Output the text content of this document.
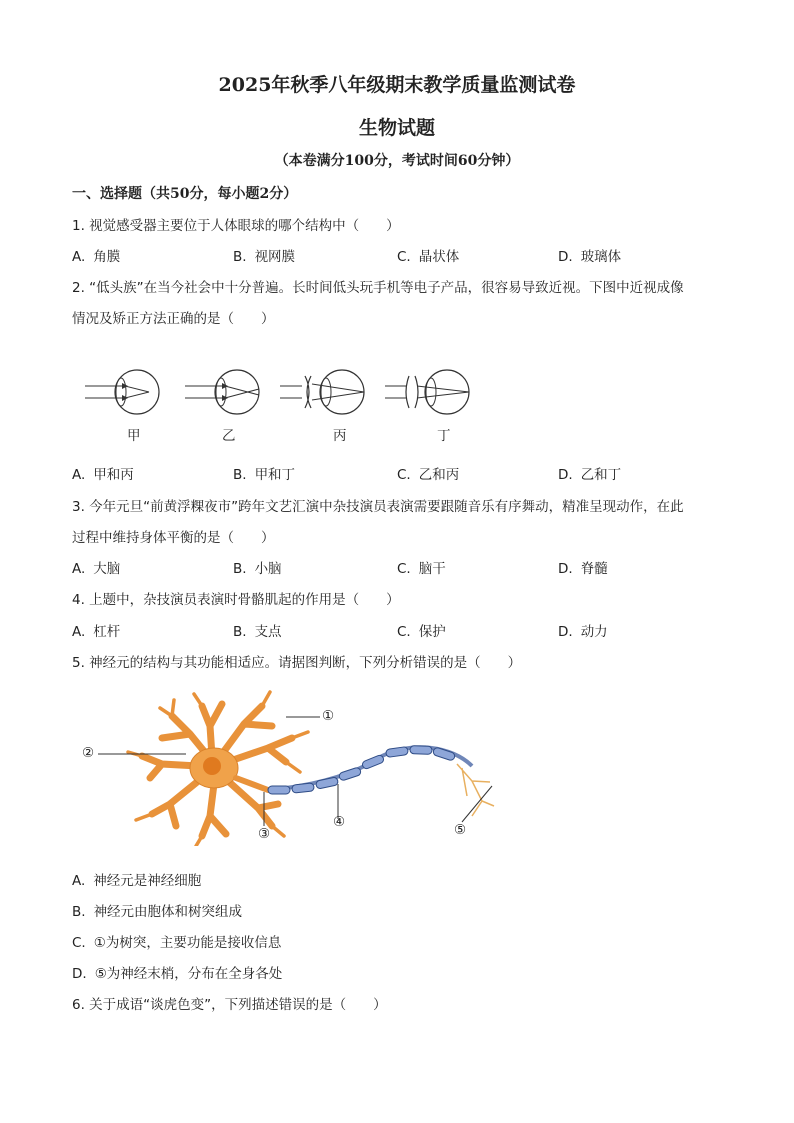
2025年秋季八年级期末教学质量监测试卷
生物试题
（本卷满分100分，考试时间60分钟）
一、选择题（共50分，每小题2分）
1. 视觉感受器主要位于人体眼球的哪个结构中（　　）
A. 角膜	B. 视网膜	C. 晶状体	D. 玻璃体
2. “低头族”在当今社会中十分普遍。长时间低头玩手机等电子产品，很容易导致近视。下图中近视成像
情况及矫正方法正确的是（　　）
甲	乙	丙	丁
A. 甲和丙	B. 甲和丁	C. 乙和丙	D. 乙和丁
3. 今年元旦“前黄浮粿夜市”跨年文艺汇演中杂技演员表演需要跟随音乐有序舞动，精准呈现动作，在此
过程中维持身体平衡的是（　　）
A. 大脑	B. 小脑	C. 脑干	D. 脊髓
4. 上题中，杂技演员表演时骨骼肌起的作用是（　　）
A. 杠杆	B. 支点	C. 保护	D. 动力
5. 神经元的结构与其功能相适应。请据图判断，下列分析错误的是（　　）
①
②
③
④	⑤
A. 神经元是神经细胞
B. 神经元由胞体和树突组成
C. ①为树突，主要功能是接收信息
D. ⑤为神经末梢，分布在全身各处
6. 关于成语“谈虎色变”，下列描述错误的是（　　）
